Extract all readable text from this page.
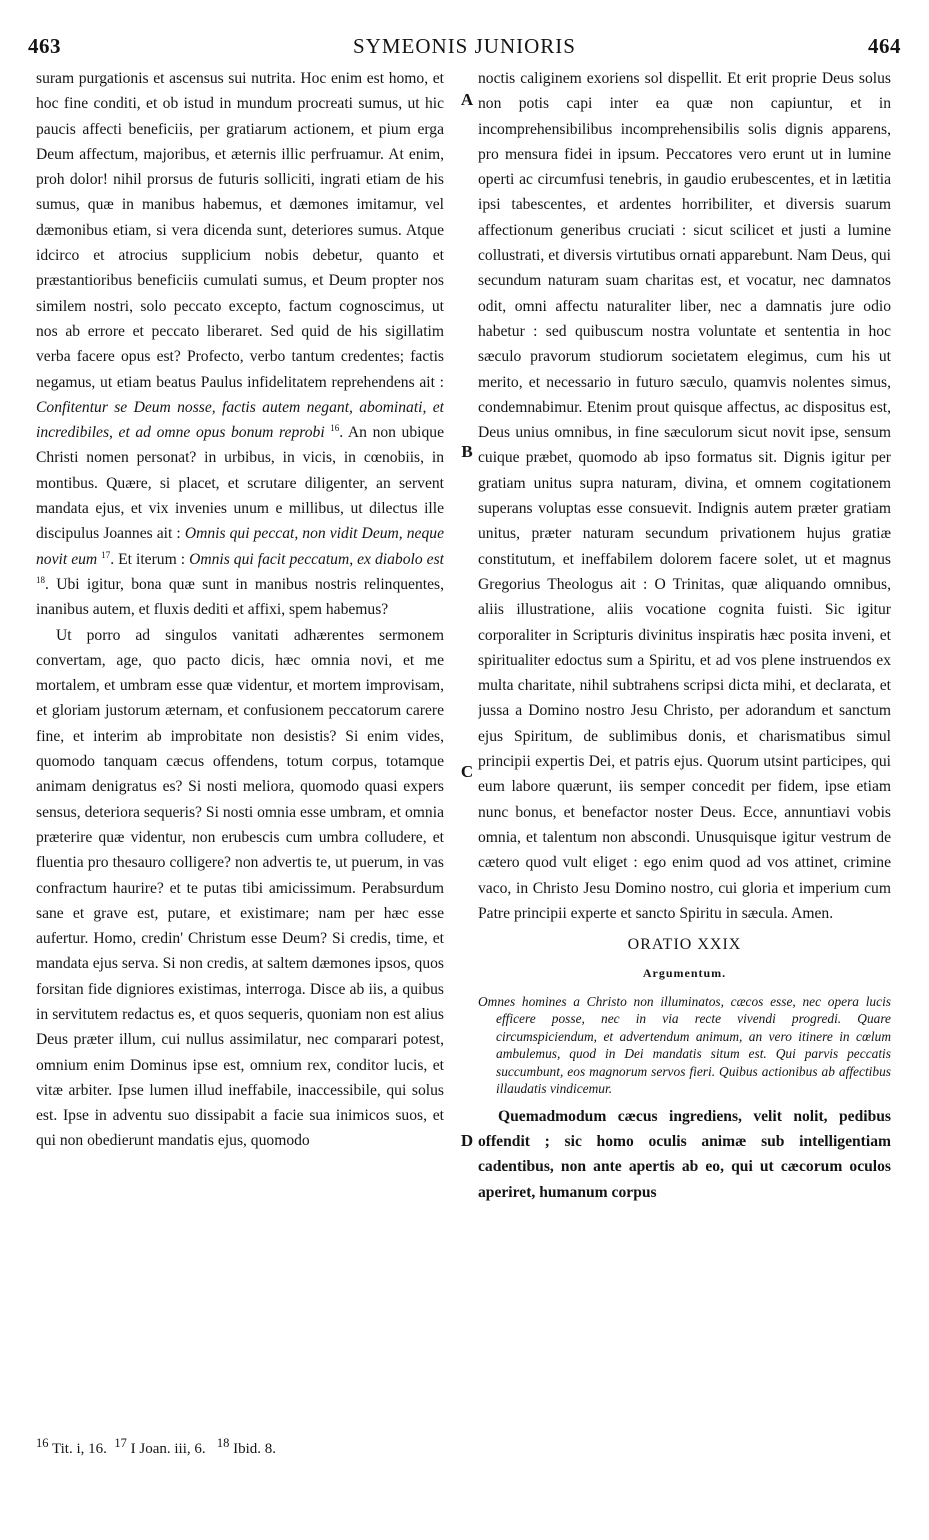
463	SYMEONIS JUNIORIS	464
A
B
C
D

suram purgationis et ascensus sui nutrita. Hoc enim est homo, et hoc fine conditi, et ob istud in mundum procreati sumus, ut hic paucis affecti beneficiis, per gratiarum actionem, et pium erga Deum affectum, majoribus, et æternis illic perfruamur. At enim, proh dolor! nihil prorsus de futuris solliciti, ingrati etiam de his sumus, quæ in manibus habemus, et dæmones imitamur, vel dæmonibus etiam, si vera dicenda sunt, deteriores sumus. Atque idcirco et atrocius supplicium nobis debetur, quanto et præstantioribus beneficiis cumulati sumus, et Deum propter nos similem nostri, solo peccato excepto, factum cognoscimus, ut nos ab errore et peccato liberaret. Sed quid de his sigillatim verba facere opus est? Profecto, verbo tantum credentes; factis negamus, ut etiam beatus Paulus infidelitatem reprehendens ait : Confitentur se Deum nosse, factis autem negant, abominati, et incredibiles, et ad omne opus bonum reprobi $^{16}$. An non ubique Christi nomen personat? in urbibus, in vicis, in cœnobiis, in montibus. Quære, si placet, et scrutare diligenter, an servent mandata ejus, et vix invenies unum e millibus, ut dilectus ille discipulus Joannes ait : Omnis qui peccat, non vidit Deum, neque novit eum $^{17}$. Et iterum : Omnis qui facit peccatum, ex diabolo est $^{18}$. Ubi igitur, bona quæ sunt in manibus nostris relinquentes, inanibus autem, et fluxis dediti et affixi, spem habemus?

Ut porro ad singulos vanitati adhærentes sermonem convertam, age, quo pacto dicis, hæc omnia novi, et me mortalem, et umbram esse quæ videntur, et mortem improvisam, et gloriam justorum æternam, et confusionem peccatorum carere fine, et interim ab improbitate non desistis? Si enim vides, quomodo tanquam cæcus offendens, totum corpus, totamque animam denigratus es? Si nosti meliora, quomodo quasi expers sensus, deteriora sequeris? Si nosti omnia esse umbram, et omnia præterire quæ videntur, non erubescis cum umbra colludere, et fluentia pro thesauro colligere? non advertis te, ut puerum, in vas confractum haurire? et te putas tibi amicissimum. Perabsurdum sane et grave est, putare, et existimare; nam per hæc esse aufertur. Homo, credin' Christum esse Deum? Si credis, time, et mandata ejus serva. Si non credis, at saltem dæmones ipsos, quos forsitan fide digniores existimas, interroga. Disce ab iis, a quibus in servitutem redactus es, et quos sequeris, quoniam non est alius Deus præter illum, cui nullus assimilatur, nec comparari potest, omnium enim Dominus ipse est, omnium rex, conditor lucis, et vitæ arbiter. Ipse lumen illud ineffabile, inaccessibile, qui solus est. Ipse in adventu suo dissipabit a facie sua inimicos suos, et qui non obedierunt mandatis ejus, quomodo

noctis caliginem exoriens sol dispellit. Et erit proprie Deus solus non potis capi inter ea quæ non capiuntur, et in incomprehensibilibus incomprehensibilis solis dignis apparens, pro mensura fidei in ipsum. Peccatores vero erunt ut in lumine operti ac circumfusi tenebris, in gaudio erubescentes, et in lætitia ipsi tabescentes, et ardentes horribiliter, et diversis suarum affectionum generibus cruciati : sicut scilicet et justi a lumine collustrati, et diversis virtutibus ornati apparebunt. Nam Deus, qui secundum naturam suam charitas est, et vocatur, nec damnatos odit, omni affectu naturaliter liber, nec a damnatis jure odio habetur : sed quibuscum nostra voluntate et sententia in hoc sæculo pravorum studiorum societatem elegimus, cum his ut merito, et necessario in futuro sæculo, quamvis nolentes simus, condemnabimur. Etenim prout quisque affectus, ac dispositus est, Deus unius omnibus, in fine sæculorum sicut novit ipse, sensum cuique præbet, quomodo ab ipso formatus sit. Dignis igitur per gratiam unitus supra naturam, divina, et omnem cogitationem superans voluptas esse consuevit. Indignis autem præter gratiam unitus, præter naturam secundum privationem hujus gratiæ constitutum, et ineffabilem dolorem facere solet, ut et magnus Gregorius Theologus ait : O Trinitas, quæ aliquando omnibus, aliis illustratione, aliis vocatione cognita fuisti. Sic igitur corporaliter in Scripturis divinitus inspiratis hæc posita inveni, et spiritualiter edoctus sum a Spiritu, et ad vos plene instruendos ex multa charitate, nihil subtrahens scripsi dicta mihi, et declarata, et jussa a Domino nostro Jesu Christo, per adorandum et sanctum ejus Spiritum, de sublimibus donis, et charismatibus simul principii expertis Dei, et patris ejus. Quorum utsint participes, qui eum labore quærunt, iis semper concedit per fidem, ipse etiam nunc bonus, et benefactor noster Deus. Ecce, annuntiavi vobis omnia, et talentum non abscondi. Unusquisque igitur vestrum de cætero quod vult eliget : ego enim quod ad vos attinet, crimine vaco, in Christo Jesu Domino nostro, cui gloria et imperium cum Patre principii experte et sancto Spiritu in sæcula. Amen.

ORATIO XXIX
Argumentum.
Omnes homines a Christo non illuminatos, cæcos esse, nec opera lucis efficere posse, nec in via recte vivendi progredi. Quare circumspiciendum, et advertendum animum, an vero itinere in cœlum ambulemus, quod in Dei mandatis situm est. Qui parvis peccatis succumbunt, eos magnorum servos fieri. Quibus actionibus ab affectibus illaudatis vindicemur.

Quemadmodum cæcus ingrediens, velit nolit, pedibus offendit ; sic homo oculis animæ sub intelligentiam cadentibus, non ante apertis ab eo, qui ut cæcorum oculos aperiret, humanum corpus

$^{16}$ Tit. i, 16. $^{17}$ I Joan. iii, 6. $^{18}$ Ibid. 8.
